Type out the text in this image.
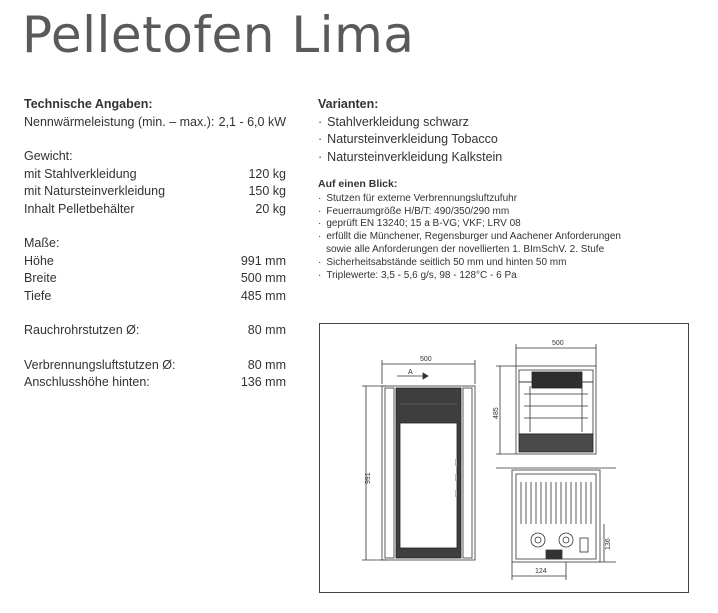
Pelletofen Lima
Technische Angaben:
Nennwärmeleistung (min. – max.): 2,1 - 6,0 kW
Gewicht:
mit Stahlverkleidung	120 kg
mit Natursteinverkleidung	150 kg
Inhalt Pelletbehälter	20 kg
Maße:
Höhe	991 mm
Breite	500 mm
Tiefe	485 mm
Rauchrohrstutzen Ø:	80 mm
Verbrennungsluftstutzen Ø:	80 mm
Anschlusshöhe hinten:	136 mm
Varianten:
· Stahlverkleidung schwarz
· Natursteinverkleidung Tobacco
· Natursteinverkleidung Kalkstein
Auf einen Blick:
· Stutzen für externe Verbrennungsluftzufuhr
· Feuerraumgröße H/B/T: 490/350/290 mm
· geprüft EN 13240; 15 a B-VG; VKF; LRV 08
· erfüllt die Münchener, Regensburger und Aachener Anforderungen
sowie alle Anforderungen der novellierten 1. BImSchV. 2. Stufe
· Sicherheitsabstände seitlich 50 mm und hinten 50 mm
· Triplewerte: 3,5 - 5,6 g/s, 98 - 128°C - 6 Pa
500
A
991
500
485
136
124
